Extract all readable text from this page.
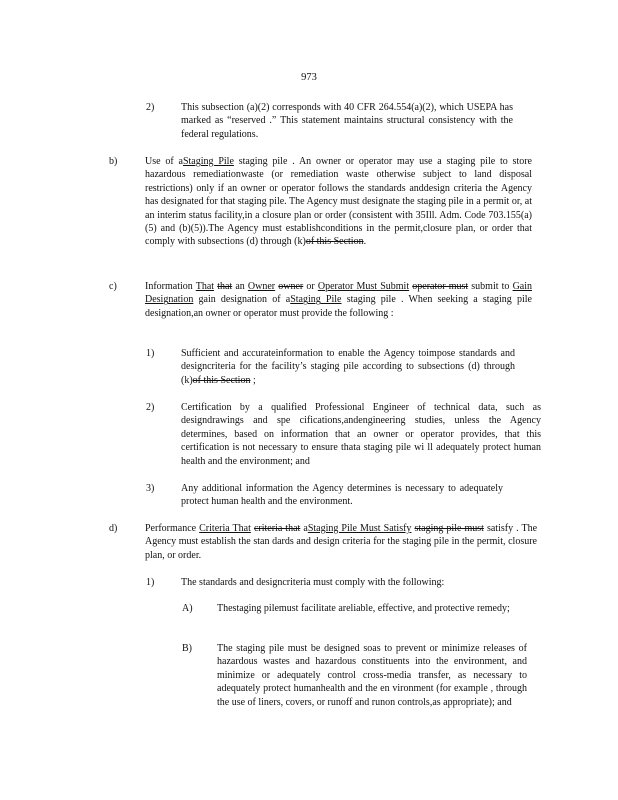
973
2)	This subsection (a)(2) corresponds with 40 CFR 264.554(a)(2), which USEPA has marked as “reserved .” This statement maintains structural consistency with the federal regulations.
b)	Use of aStaging Pile staging pile . An owner or operator may use a staging pile to store hazardous remediationwaste (or remediation waste otherwise subject to land disposal restrictions) only if an owner or operator follows the standards anddesign criteria the Agency has designated for that staging pile. The Agency must designate the staging pile in a permit or, at an interim status facility,in a closure plan or order (consistent with 35Ill. Adm. Code 703.155(a)(5) and (b)(5)).The Agency must establishconditions in the permit,closure plan, or order that comply with subsections (d) through (k)of this Section.
c)	Information That that an Owner owner or Operator Must Submit operator must submit to Gain Designation gain designation of aStaging Pile staging pile . When seeking a staging pile designation,an owner or operator must provide the following :
1)	Sufficient and accurateinformation to enable the Agency toimpose standards and designcriteria for the facility’s staging pile according to subsections (d) through (k)of this Section ;
2)	Certification by a qualified Professional Engineer of technical data, such as designdrawings and spe cifications,andengineering studies, unless the Agency determines, based on information that an owner or operator provides, that this certification is not necessary to ensure thata staging pile wi ll adequately protect human health and the environment; and
3)	Any additional information the Agency determines is necessary to adequately protect human health and the environment.
d)	Performance Criteria That criteria that aStaging Pile Must Satisfy staging pile must satisfy . The Agency must establish the stan dards and design criteria for the staging pile in the permit, closure plan, or order.
1)	The standards and designcriteria must comply with the following:
A) Thestaging pilemust facilitate areliable, effective, and protective remedy;
B)	The staging pile must be designed soas to prevent or minimize releases of hazardous wastes and hazardous constituents into the environment, and minimize or adequately control cross-media transfer, as necessary to adequately protect humanhealth and the en vironment (for example , through the use of liners, covers, or runoff and runon controls,as appropriate); and
